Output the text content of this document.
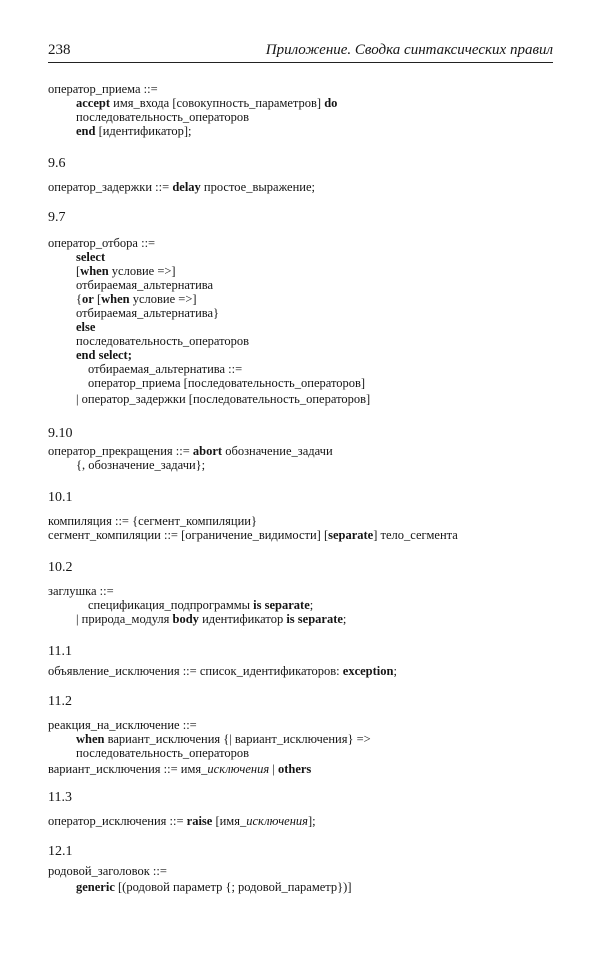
238	Приложение. Сводка синтаксических правил
оператор_приема ::=
accept имя_входа [совокупность_параметров] do
последовательность_операторов
end [идентификатор];
9.6
оператор_задержки ::= delay простое_выражение;
9.7
оператор_отбора ::=
select
[when условие =>]
отбираемая_альтернатива
{or [when условие =>]
отбираемая_альтернатива}
else
последовательность_операторов
end select;
отбираемая_альтернатива ::=
оператор_приема [последовательность_операторов]
| оператор_задержки [последовательность_операторов]
9.10
оператор_прекращения ::= abort обозначение_задачи
{, обозначение_задачи};
10.1
компиляция ::= {сегмент_компиляции}
сегмент_компиляции ::= [ограничение_видимости] [separate] тело_сегмента
10.2
заглушка ::=
спецификация_подпрограммы is separate;
| природа_модуля body идентификатор is separate;
11.1
объявление_исключения ::= список_идентификаторов: exception;
11.2
реакция_на_исключение ::=
when вариант_исключения {| вариант_исключения} =>
последовательность_операторов
вариант_исключения ::= имя_исключения | others
11.3
оператор_исключения ::= raise [имя_исключения];
12.1
родовой_заголовок ::=
generic [(родовой параметр {; родовой_параметр})]
